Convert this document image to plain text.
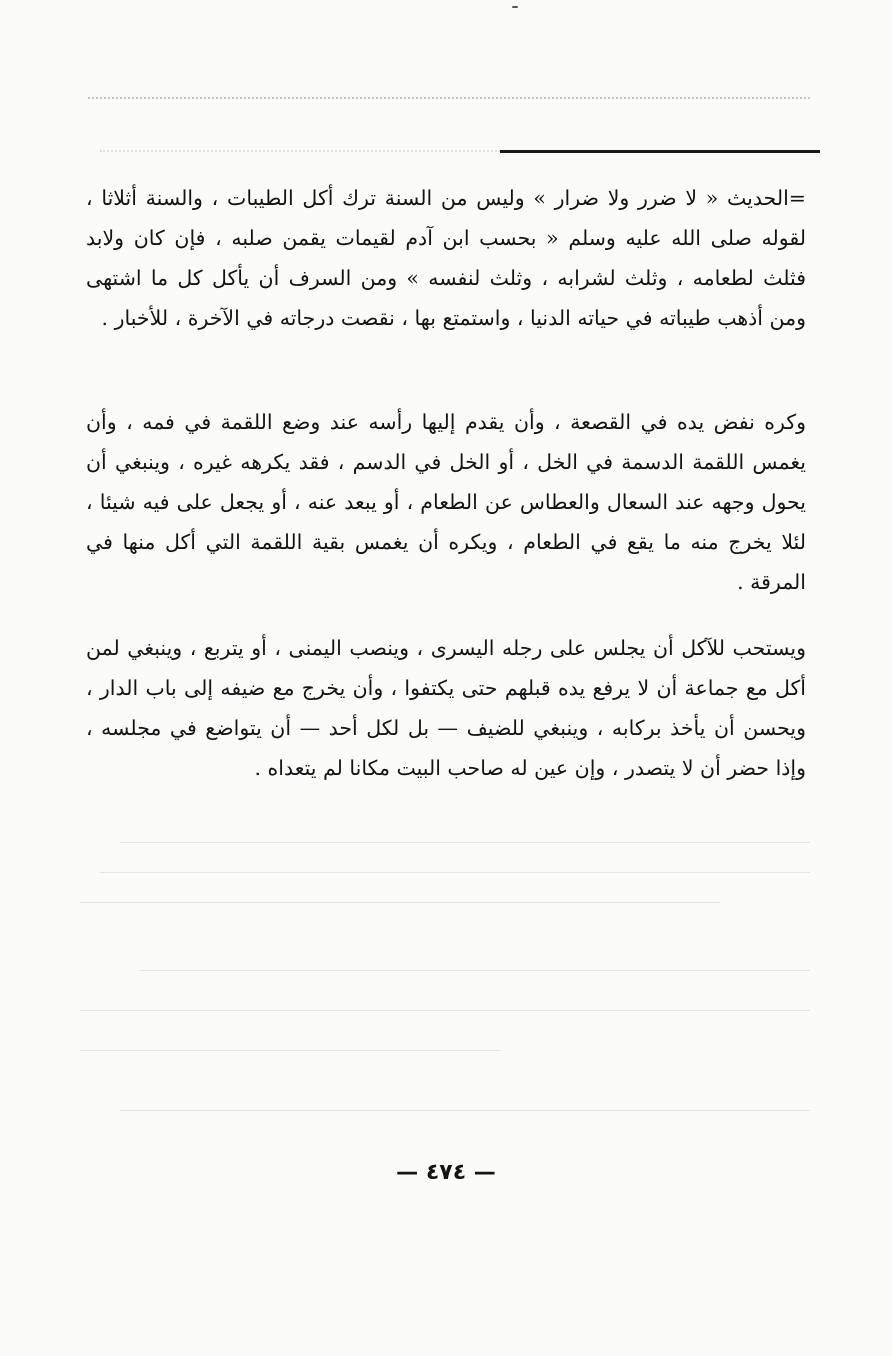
=الحديث « لا ضرر ولا ضرار » وليس من السنة ترك أكل الطيبات ، والسنة أثلاثا ، لقوله صلى الله عليه وسلم « بحسب ابن آدم لقيمات يقمن صلبه ، فإن كان ولابد فثلث لطعامه ، وثلث لشرابه ، وثلث لنفسه » ومن السرف أن يأكل كل ما اشتهى ومن أذهب طيباته في حياته الدنيا ، واستمتع بها ، نقصت درجاته في الآخرة ، للأخبار .

وكره نفض يده في القصعة ، وأن يقدم إليها رأسه عند وضع اللقمة في فمه ، وأن يغمس اللقمة الدسمة في الخل ، أو الخل في الدسم ، فقد يكرهه غيره ، وينبغي أن يحول وجهه عند السعال والعطاس عن الطعام ، أو يبعد عنه ، أو يجعل على فيه شيئا ، لئلا يخرج منه ما يقع في الطعام ، ويكره أن يغمس بقية اللقمة التي أكل منها في المرقة .

ويستحب للآكل أن يجلس على رجله اليسرى ، وينصب اليمنى ، أو يتربع ، وينبغي لمن أكل مع جماعة أن لا يرفع يده قبلهم حتى يكتفوا ، وأن يخرج مع ضيفه إلى باب الدار ، ويحسن أن يأخذ بركابه ، وينبغي للضيف — بل لكل أحد — أن يتواضع في مجلسه ، وإذا حضر أن لا يتصدر ، وإن عين له صاحب البيت مكانا لم يتعداه .

— ٤٧٤ —
